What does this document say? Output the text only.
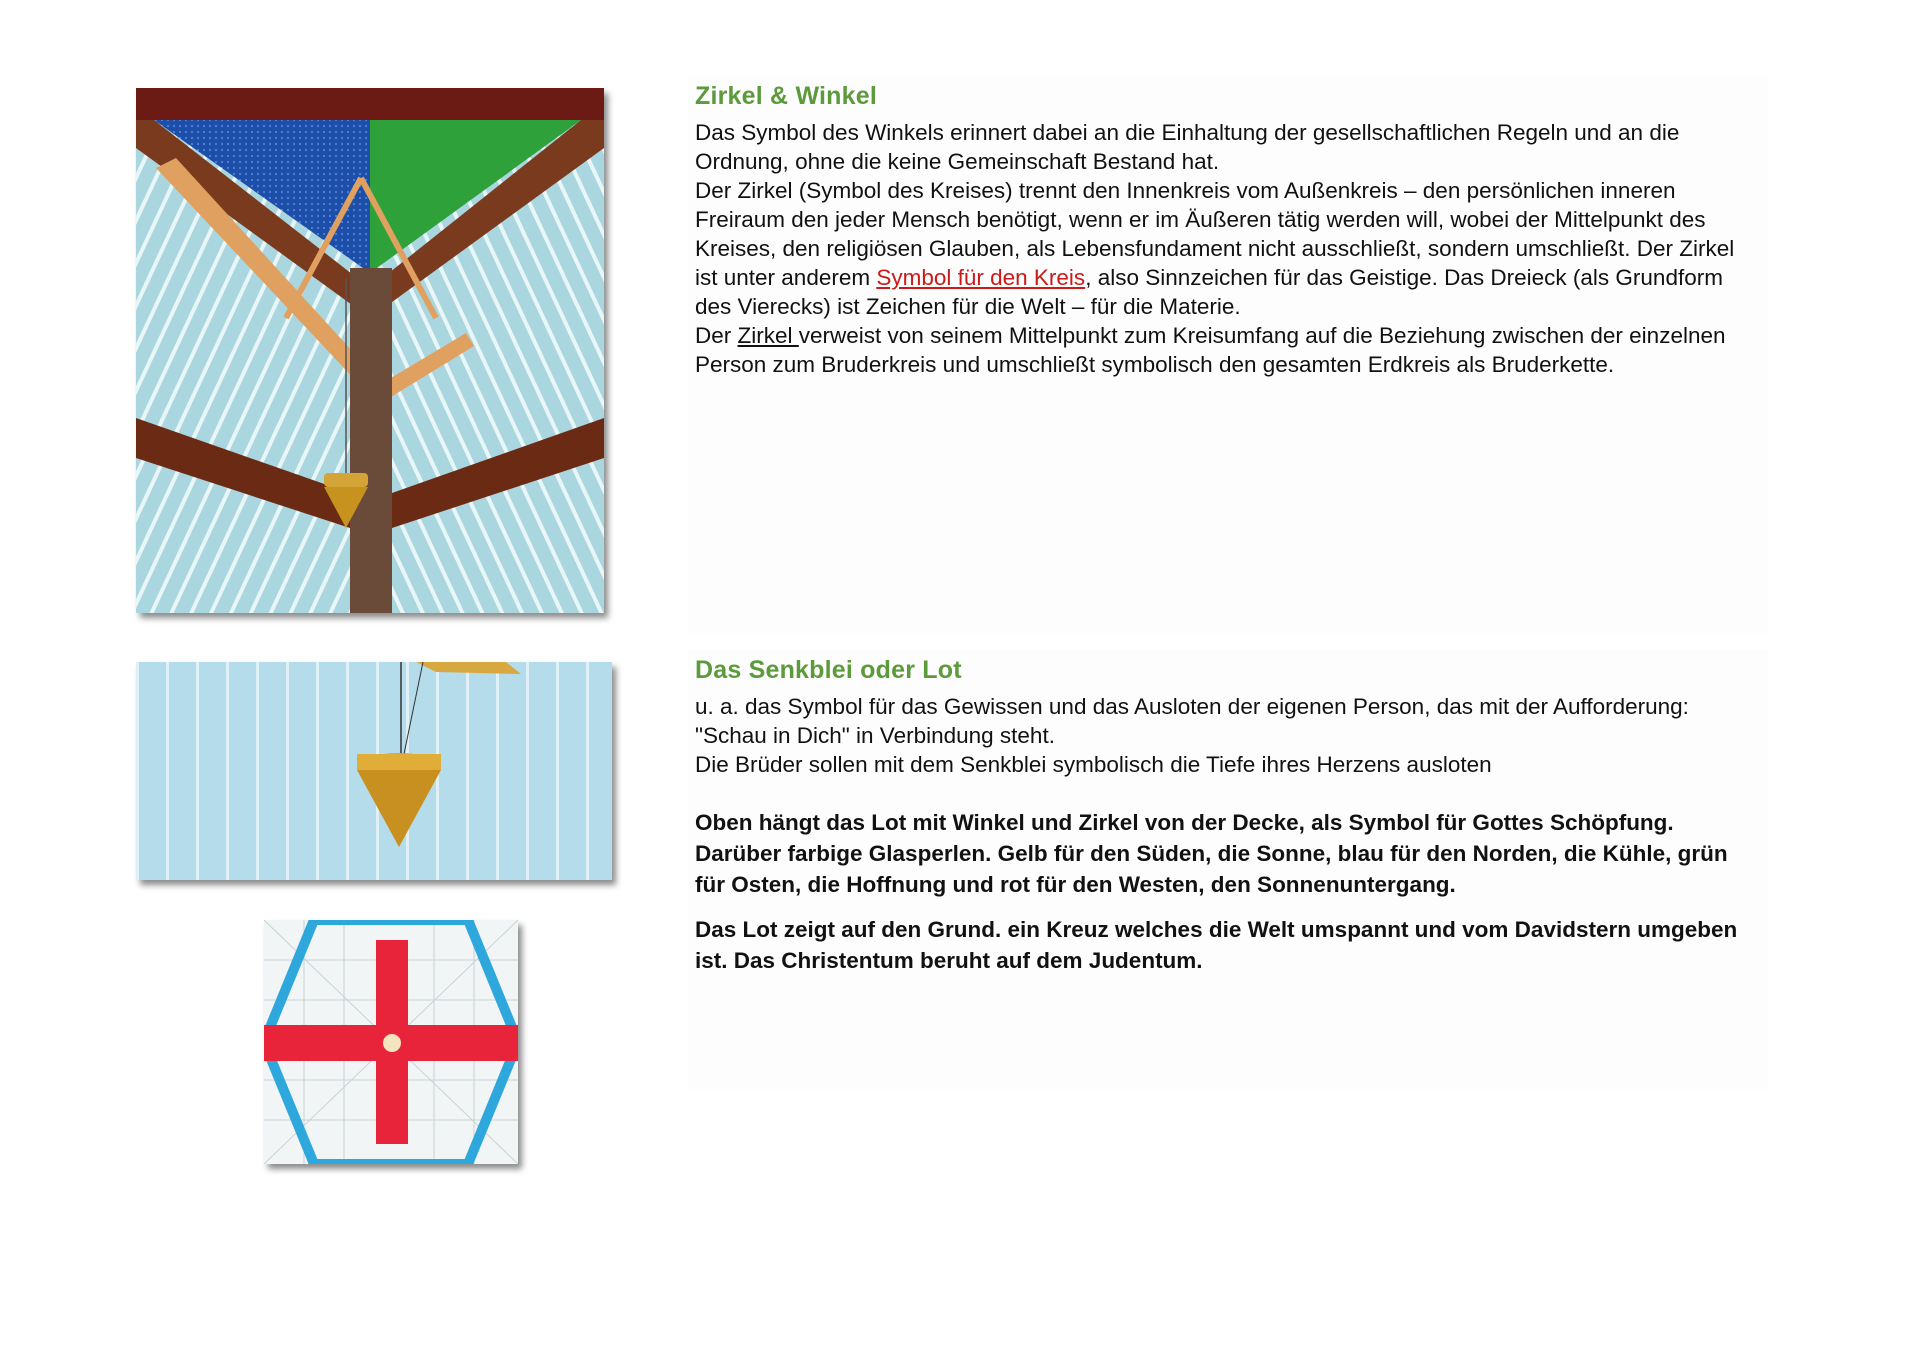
Zirkel & Winkel

Das Symbol des Winkels erinnert dabei an die Einhaltung der gesellschaftlichen Regeln und an die Ordnung, ohne die keine Gemeinschaft Bestand hat.

Der Zirkel (Symbol des Kreises) trennt den Innenkreis vom Außenkreis – den persönlichen inneren Freiraum den jeder Mensch benötigt, wenn er im Äußeren tätig werden will, wobei der Mittelpunkt des Kreises, den religiösen Glauben, als Lebensfundament nicht ausschließt, sondern umschließt. Der Zirkel ist unter anderem Symbol für den Kreis, also Sinnzeichen für das Geistige. Das Dreieck (als Grundform des Vierecks) ist Zeichen für die Welt – für die Materie.

Der Zirkel verweist von seinem Mittelpunkt zum Kreisumfang auf die Beziehung zwischen der einzelnen Person zum Bruderkreis und umschließt symbolisch den gesamten Erdkreis als Bruderkette.

Das Senkblei oder Lot

u. a. das Symbol für das Gewissen und das Ausloten der eigenen Person, das mit der Aufforderung: "Schau in Dich" in Verbindung steht.

Die Brüder sollen mit dem Senkblei symbolisch die Tiefe ihres Herzens ausloten

Oben hängt das Lot mit Winkel und Zirkel von der Decke, als Symbol für Gottes Schöpfung. Darüber farbige Glasperlen. Gelb für den Süden, die Sonne, blau für den Norden, die Kühle, grün für Osten, die Hoffnung und rot für den Westen, den Sonnenuntergang.

Das Lot zeigt auf den Grund. ein Kreuz welches die Welt umspannt und vom Davidstern umgeben ist. Das Christentum beruht auf dem Judentum.
